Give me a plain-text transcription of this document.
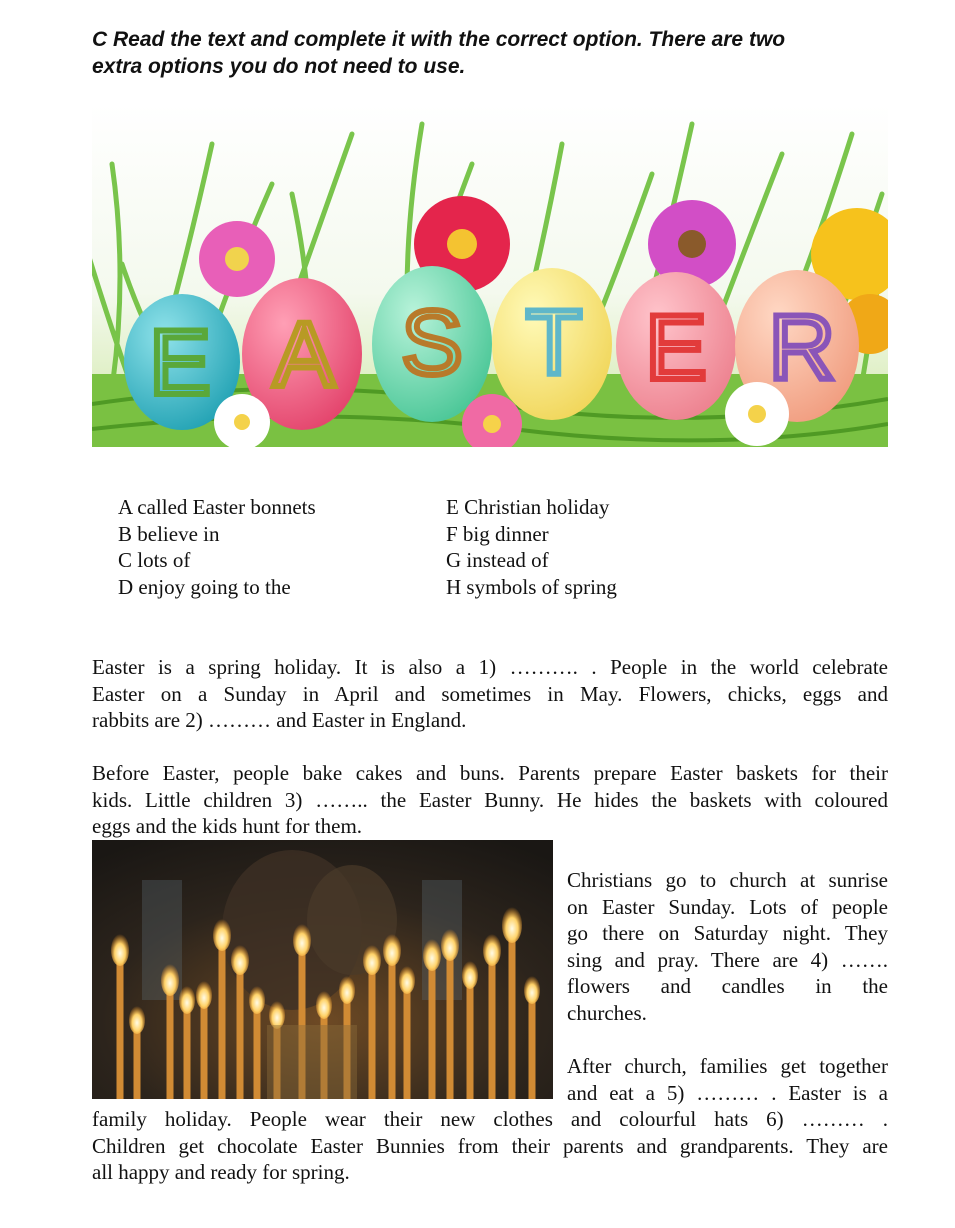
C Read the text and complete it with the correct option. There are two
extra options you do not need to use.
E A S T E R
A called Easter bonnets
B believe in
C lots of
D enjoy going to the
E Christian holiday
F big dinner
G instead of
H symbols of spring
Easter is a spring holiday. It is also a 1) ………. . People in the world celebrate
Easter on a Sunday in April and sometimes in May. Flowers, chicks, eggs and
rabbits are 2) ……… and Easter in England.
Before Easter, people bake cakes and buns. Parents prepare Easter baskets for their
kids. Little children 3) …….. the Easter Bunny. He hides the baskets with coloured
eggs and the kids hunt for them.
Christians go to church at sunrise
on Easter Sunday. Lots of people
go there on Saturday night. They
sing and pray. There are 4) …….
flowers and candles in the
churches.
After church, families get together
and eat a 5) ……… . Easter is a
family holiday. People wear their new clothes and colourful hats 6) ……… .
Children get chocolate Easter Bunnies from their parents and grandparents. They are
all happy and ready for spring.
